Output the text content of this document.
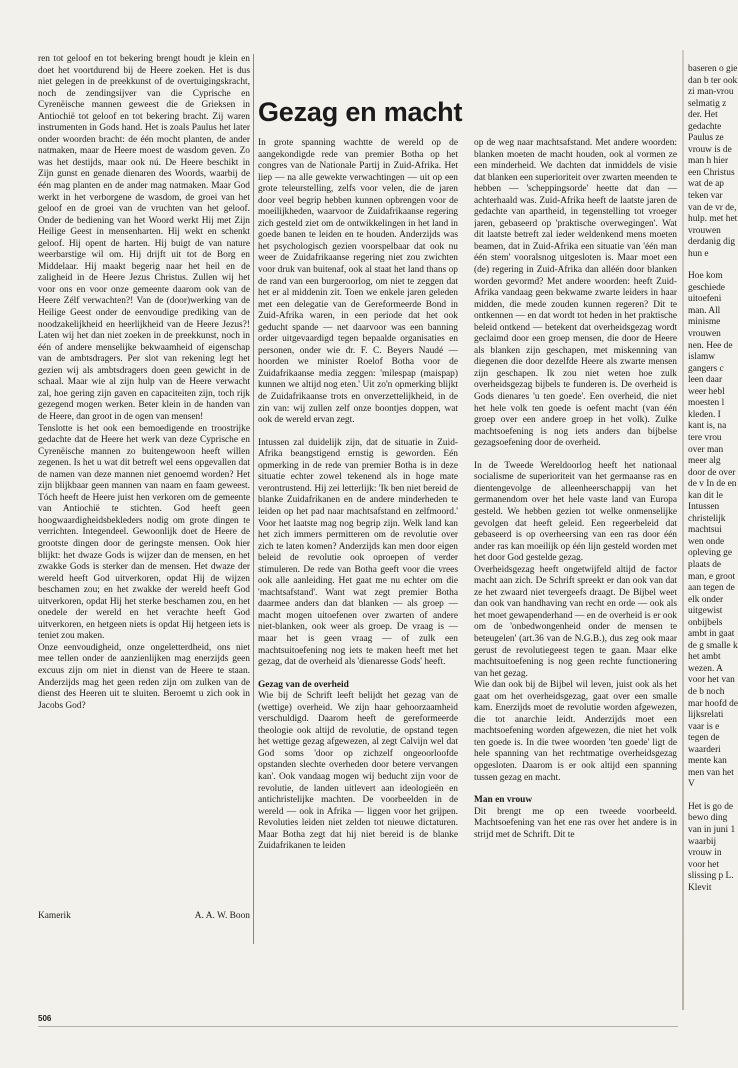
ren tot geloof en tot bekering brengt houdt je klein en doet het voortdurend bij de Heere zoeken. Het is dus niet gelegen in de preekkunst of de overtuigingskracht, noch de zendingsijver van die Cyprische en Cyrenëische mannen geweest die de Grieksen in Antiochië tot geloof en tot bekering bracht. Zij waren instrumenten in Gods hand. Het is zoals Paulus het later onder woorden bracht: de één mocht planten, de ander natmaken, maar de Heere moest de wasdom geven. Zo was het destijds, maar ook nú. De Heere beschikt in Zijn gunst en genade dienaren des Woords, waarbij de één mag planten en de ander mag natmaken. Maar God werkt in het verborgene de wasdom, de groei van het geloof en de groei van de vruchten van het geloof. Onder de bediening van het Woord werkt Hij met Zijn Heilige Geest in mensenharten. Hij wekt en schenkt geloof. Hij opent de harten. Hij buigt de van nature weerbarstige wil om. Hij drijft uit tot de Borg en Middelaar. Hij maakt begerig naar het heil en de zaligheid in de Heere Jezus Christus. Zullen wij het voor ons en voor onze gemeente daarom ook van de Heere Zélf verwachten?! Van de (door)werking van de Heilige Geest onder de eenvoudige prediking van de noodzakelijkheid en heerlijkheid van de Heere Jezus?! Laten wij het dan niet zoeken in de preekkunst, noch in één of andere menselijke bekwaamheid of eigenschap van de ambtsdragers. Per slot van rekening legt het gezien wij als ambtsdragers doen geen gewicht in de schaal. Maar wie al zijn hulp van de Heere verwacht zal, hoe gering zijn gaven en capaciteiten zijn, toch rijk gezegend mogen werken. Beter klein in de handen van de Heere, dan groot in de ogen van mensen!

Tenslotte is het ook een bemoedigende en troostrijke gedachte dat de Heere het werk van deze Cyprische en Cyrenëische mannen zo buitengewoon heeft willen zegenen. Is het u wat dit betreft wel eens opgevallen dat de namen van deze mannen niet genoemd worden? Het zijn blijkbaar geen mannen van naam en faam geweest. Tóch heeft de Heere juist hen verkoren om de gemeente van Antiochië te stichten. God heeft geen hoogwaardigheidsbekleders nodig om grote dingen te verrichten. Integendeel. Gewoonlijk doet de Heere de grootste dingen door de geringste mensen. Ook hier blijkt: het dwaze Gods is wijzer dan de mensen, en het zwakke Gods is sterker dan de mensen. Het dwaze der wereld heeft God uitverkoren, opdat Hij de wijzen beschamen zou; en het zwakke der wereld heeft God uitverkoren, opdat Hij het sterke beschamen zou, en het onedele der wereld en het verachte heeft God uitverkoren, en hetgeen niets is opdat Hij hetgeen iets is teniet zou maken.

Onze eenvoudigheid, onze ongeletterdheid, ons niet mee tellen onder de aanzienlijken mag enerzijds geen excuus zijn om niet in dienst van de Heere te staan. Anderzijds mag het geen reden zijn om zulken van de dienst des Heeren uit te sluiten. Beroemt u zich ook in Jacobs God?

Kamerik	A. A. W. Boon
Gezag en macht

In grote spanning wachtte de wereld op de aangekondigde rede van premier Botha op het congres van de Nationale Partij in Zuid-Afrika. Het liep — na alle gewekte verwachtingen — uit op een grote teleurstelling, zelfs voor velen, die de jaren door veel begrip hebben kunnen opbrengen voor de moeilijkheden, waarvoor de Zuidafrikaanse regering zich gesteld ziet om de ontwikkelingen in het land in goede banen te leiden en te houden. Anderzijds was het psychologisch gezien voorspelbaar dat ook nu weer de Zuidafrikaanse regering niet zou zwichten voor druk van buitenaf, ook al staat het land thans op de rand van een burgeroorlog, om niet te zeggen dat het er al middenin zit. Toen we enkele jaren geleden met een delegatie van de Gereformeerde Bond in Zuid-Afrika waren, in een periode dat het ook geducht spande — net daarvoor was een banning order uitgevaardigd tegen bepaalde organisaties en personen, onder wie dr. F. C. Beyers Naudé — hoorden we minister Roelof Botha voor de Zuidafrikaanse media zeggen: 'milespap (maispap) kunnen we altijd nog eten.' Uit zo'n opmerking blijkt de Zuidafrikaanse trots en onverzettelijkheid, in de zin van: wij zullen zelf onze boontjes doppen, wat ook de wereld ervan zegt.

Intussen zal duidelijk zijn, dat de situatie in Zuid-Afrika beangstigend ernstig is geworden. Eén opmerking in de rede van premier Botha is in deze situatie echter zowel tekenend als in hoge mate verontrustend. Hij zei letterlijk: 'Ik ben niet bereid de blanke Zuidafrikanen en de andere minderheden te leiden op het pad naar machtsafstand en zelfmoord.' Voor het laatste mag nog begrip zijn. Welk land kan het zich immers permitteren om de revolutie over zich te laten komen? Anderzijds kan men door eigen beleid de revolutie ook oproepen of verder stimuleren. De rede van Botha geeft voor die vrees ook alle aanleiding. Het gaat me nu echter om die 'machtsafstand'. Want wat zegt premier Botha daarmee anders dan dat blanken — als groep — macht mogen uitoefenen over zwarten of andere niet-blanken, ook weer als groep. De vraag is — maar het is geen vraag — of zulk een machtsuitoefening nog iets te maken heeft met het gezag, dat de overheid als 'dienaresse Gods' heeft.

Gezag van de overheid

Wie bij de Schrift leeft belijdt het gezag van de (wettige) overheid. We zijn haar gehoorzaamheid verschuldigd. Daarom heeft de gereformeerde theologie ook altijd de revolutie, de opstand tegen het wettige gezag afgewezen, al zegt Calvijn wel dat God soms 'door op zichzelf ongeoorloofde opstanden slechte overheden door betere vervangen kan'. Ook vandaag mogen wij beducht zijn voor de revolutie, de landen uitlevert aan ideologieën en antichristelijke machten. De voorbeelden in de wereld — ook in Afrika — liggen voor het grijpen. Revoluties leiden niet zelden tot nieuwe dictaturen. Maar Botha zegt dat hij niet bereid is de blanke Zuidafrikanen te leiden

op de weg naar machtsafstand. Met andere woorden: blanken moeten de macht houden, ook al vormen ze een minderheid. We dachten dat inmiddels de visie dat blanken een superioriteit over zwarten meenden te hebben — 'scheppingsorde' heette dat dan — achterhaald was. Zuid-Afrika heeft de laatste jaren de gedachte van apartheid, in tegenstelling tot vroeger jaren, gebaseerd op 'praktische overwegingen'. Wat dit laatste betreft zal ieder weldenkend mens moeten beamen, dat in Zuid-Afrika een situatie van 'één man één stem' vooralsnog uitgesloten is. Maar moet een (de) regering in Zuid-Afrika dan alléén door blanken worden gevormd? Met andere woorden: heeft Zuid-Afrika vandaag geen bekwame zwarte leiders in haar midden, die mede zouden kunnen regeren? Dit te ontkennen — en dat wordt tot heden in het praktische beleid ontkend — betekent dat overheidsgezag wordt geclaimd door een groep mensen, die door de Heere als blanken zijn geschapen, met miskenning van diegenen die door dezelfde Heere als zwarte mensen zijn geschapen. Ik zou niet weten hoe zulk overheidsgezag bijbels te funderen is. De overheid is Gods dienares 'u ten goede'. Een overheid, die niet het hele volk ten goede is oefent macht (van één groep over een andere groep in het volk). Zulke machtsoefening is nog iets anders dan bijbelse gezagsoefening door de overheid.

In de Tweede Wereldoorlog heeft het nationaal socialisme de superioriteit van het germaanse ras en dientengevolge de alleenheerschappij van het germanendom over het hele vaste land van Europa gesteld. We hebben gezien tot welke onmenselijke gevolgen dat heeft geleid. Een regeerbeleid dat gebaseerd is op overheersing van een ras door één ander ras kan moeilijk op één lijn gesteld worden met het door God gestelde gezag.

Overheidsgezag heeft ongetwijfeld altijd de factor macht aan zich. De Schrift spreekt er dan ook van dat ze het zwaard niet tevergeefs draagt. De Bijbel weet dan ook van handhaving van recht en orde — ook als het moet gewapenderhand — en de overheid is er ook om de 'onbedwongenheid onder de mensen te beteugelen' (art.36 van de N.G.B.), dus zeg ook maar gerust de revolutiegeest tegen te gaan. Maar elke machtsuitoefening is nog geen rechte functionering van het gezag.

Wie dan ook bij de Bijbel wil leven, juist ook als het gaat om het overheidsgezag, gaat over een smalle kam. Enerzijds moet de revolutie worden afgewezen, die tot anarchie leidt. Anderzijds moet een machtsoefening worden afgewezen, die niet het volk ten goede is. In die twee woorden 'ten goede' ligt de hele spanning van het rechtmatige overheidsgezag opgesloten. Daarom is er ook altijd een spanning tussen gezag en macht.

Man en vrouw

Dit brengt me op een tweede voorbeeld. Machtsoefening van het ene ras over het andere is in strijd met de Schrift. Dit te

baseren o gie dan b ter ook zi man-vrou selmatig z der. Het gedachte Paulus ze vrouw is de man h hier een Christus wat de ap teken var van de vr de, hulp. met het vrouwen derdanig dig hun e

Hoe kom geschiede uitoefeni man. All minisme vrouwen nen. Hee de islamw gangers c leen daar weer hebl moesten l kleden. I kant is, na tere vrou over man meer alg door de over de v In de en kan dit le Intussen christelijk machtsui wen onde opleving ge plaats de man, e groot aan tegen de elk onder uitgewist onbijbels ambt in gaat de g smalle k het ambt wezen. A voor het van de b noch mar hoofd de lijksrelati vaar is e tegen de waarderi mente kan men van het V

Het is go de bewo ding van in juni 1 waarbij vrouw in voor het slissing p L. Klevit

506
